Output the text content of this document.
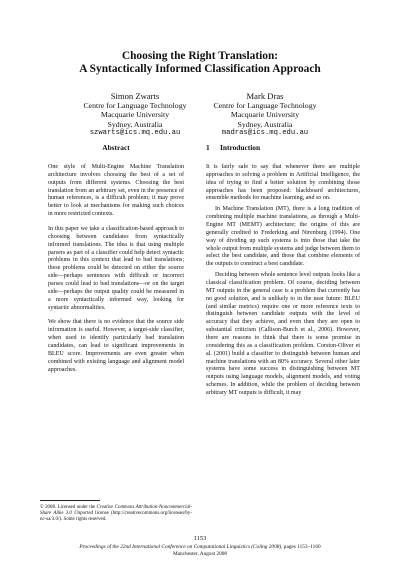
Choosing the Right Translation:
A Syntactically Informed Classification Approach
Simon Zwarts
Centre for Language Technology
Macquarie University
Sydney, Australia
szwarts@ics.mq.edu.au
Mark Dras
Centre for Language Technology
Macquarie University
Sydney, Australia
madras@ics.mq.edu.au
Abstract

One style of Multi-Engine Machine Translation architecture involves choosing the best of a set of outputs from different systems. Choosing the best translation from an arbitrary set, even in the presence of human references, is a difficult problem; it may prove better to look at mechanisms for making such choices in more restricted contexts.

In this paper we take a classification-based approach to choosing between candidates from syntactically informed translations. The idea is that using multiple parsers as part of a classifier could help detect syntactic problems in this context that lead to bad translations; these problems could be detected on either the source side—perhaps sentences with difficult or incorrect parses could lead to bad translations—or on the target side—perhaps the output quality could be measured in a more syntactically informed way, looking for syntactic abnormalities.

We show that there is no evidence that the source side information is useful. However, a target-side classifier, when used to identify particularly bad translation candidates, can lead to significant improvements in BLEU score. Improvements are even greater when combined with existing language and alignment model approaches.

1 Introduction

It is fairly safe to say that whenever there are multiple approaches to solving a problem in Artificial Intelligence, the idea of trying to find a better solution by combining those approaches has been proposed: blackboard architectures, ensemble methods for machine learning, and so on.

In Machine Translation (MT), there is a long tradition of combining multiple machine translations, as through a Multi-Engine MT (MEMT) architecture; the origins of this are generally credited to Frederking and Nirenburg (1994). One way of dividing up such systems is into those that take the whole output from multiple systems and judge between them to select the best candidate, and those that combine elements of the outputs to construct a best candidate.

Deciding between whole sentence level outputs looks like a classical classification problem. Of course, deciding between MT outputs in the general case is a problem that currently has no good solution, and is unlikely to in the near future: BLEU (and similar metrics) require one or more reference texts to distinguish between candidate outputs with the level of accuracy that they achieve, and even then they are open to substantial criticism (Callison-Burch et al., 2006). However, there are reasons to think that there is some promise in considering this as a classification problem. Corston-Oliver et al. (2001) build a classifier to distinguish between human and machine translations with an 80% accuracy. Several other later systems have some success in distinguishing between MT outputs using language models, alignment models, and voting schemes. In addition, while the problem of deciding between arbitrary MT outputs is difficult, it may

© 2008. Licensed under the Creative Commons Attribution-Noncommercial-Share Alike 3.0 Unported license (http://creativecommons.org/licenses/by-nc-sa/3.0/). Some rights reserved.
1153
Proceedings of the 22nd International Conference on Computational Linguistics (Coling 2008), pages 1153–1160
Manchester, August 2008
